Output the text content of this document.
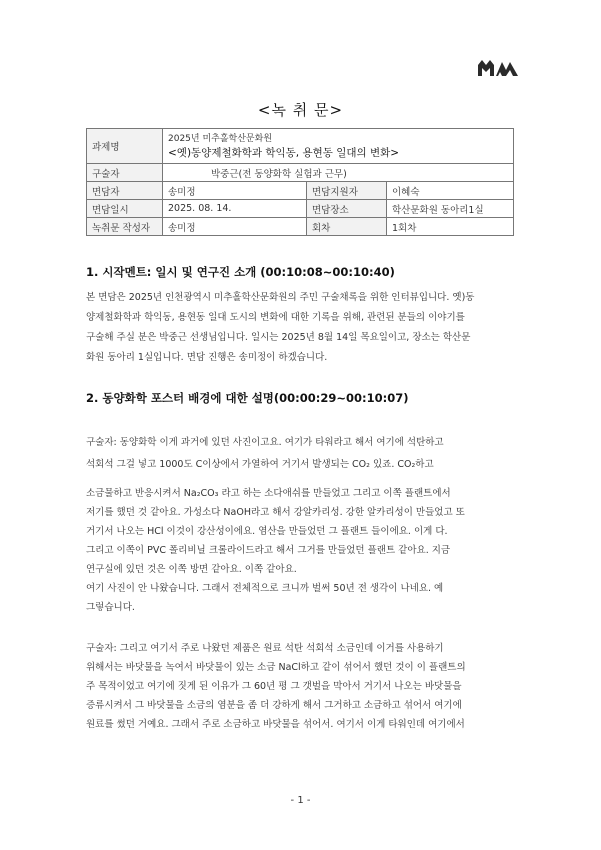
<녹 취 문>
과제명	2025년 미추홀학산문화원
<옛)동양제철화학과 학익동, 용현동 일대의 변화>		

구술자	박중근(전 동양화학 실험과 근무)		
면담자	송미정	면담지원자	이혜숙
면담일시	2025. 08. 14.	면담장소	학산문화원 동아리1실
녹취문 작성자	송미정	회차	1회차
1. 시작멘트: 일시 및 연구진 소개 (00:10:08~00:10:40)

본 면담은 2025년 인천광역시 미추홀학산문화원의 주민 구술채록을 위한 인터뷰입니다. 옛)동

양제철화학과 학익동, 용현동 일대 도시의 변화에 대한 기록을 위해, 관련된 분들의 이야기를

구술해 주실 분은 박중근 선생님입니다. 일시는 2025년 8월 14일 목요일이고, 장소는 학산문

화원 동아리 1실입니다. 면담 진행은 송미정이 하겠습니다.

2. 동양화학 포스터 배경에 대한 설명(00:00:29~00:10:07)

구술자: 동양화학 이게 과거에 있던 사진이고요. 여기가 타워라고 해서 여기에 석탄하고

석회석 그걸 넣고 1000도 C이상에서 가열하여 거기서 발생되는 CO₂ 있죠. CO₂하고

소금물하고 반응시켜서 Na₂CO₃ 라고 하는 소다애쉬를 만들었고 그리고 이쪽 플랜트에서

저기를 했던 것 같아요. 가성소다 NaOH라고 해서 강알카리성. 강한 알카리성이 만들었고 또

거기서 나오는 HCl 이것이 강산성이에요. 염산을 만들었던 그 플랜트 들이에요. 이게 다.

그리고 이쪽이 PVC 폴리비닐 크롤라이드라고 해서 그거를 만들었던 플랜트 같아요. 지금

연구실에 있던 것은 이쪽 방면 같아요. 이쪽 같아요.

여기 사진이 안 나왔습니다. 그래서 전체적으로 크니까 벌써 50년 전 생각이 나네요. 예

그렇습니다.

구술자: 그리고 여기서 주로 나왔던 제품은 원료 석탄 석회석 소금인데 이거를 사용하기

위해서는 바닷물을 녹여서 바닷물이 있는 소금 NaCl하고 같이 섞어서 했던 것이 이 플랜트의

주 목적이었고 여기에 짓게 된 이유가 그 60년 평 그 갯벌을 막아서 거기서 나오는 바닷물을

증류시켜서 그 바닷물을 소금의 염분을 좀 더 강하게 해서 그거하고 소금하고 섞어서 여기에

원료를 썼던 거예요. 그래서 주로 소금하고 바닷물을 섞어서. 여기서 이게 타워인데 여기에서

- 1 -
